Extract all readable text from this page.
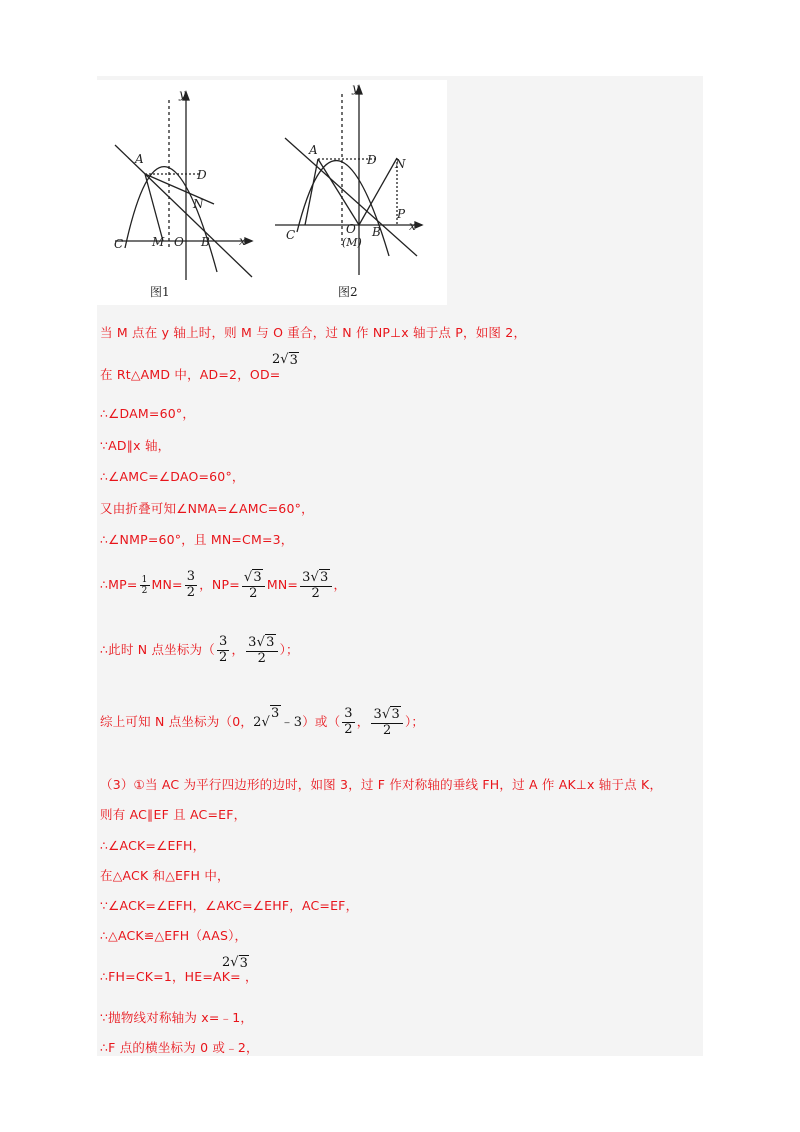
y
x
A
D
N
C M O B
图1
y
x
A
D N
P
C	O
(M)
B
图2
当 M 点在 y 轴上时，则 M 与 O 重合，过 N 作 NP⊥x 轴于点 P，如图 2，
在 Rt△AMD 中，AD=2，OD=
2 √ 3
∴∠DAM=60°，
∵AD∥x 轴，
∴∠AMC=∠DAO=60°，
又由折叠可知∠NMA=∠AMC=60°，
∴∠NMP=60°，且 MN=CM=3，
∴MP= $\frac{1}{2} MN= \frac{3}{2}$ ，$NP= \frac{√3}{2} MN= \frac{3√3}{2}$ ，
∴此时 N 点坐标为（ $\frac{3}{2}$ ， $\frac{3√3}{2}$ ）；
综上可知 N 点坐标为（0，2 √
3
﹣3）或（ $\frac{3}{2}$ ， $\frac{3√3}{2}$ ）；
（3）①当 AC 为平行四边形的边时，如图 3，过 F 作对称轴的垂线 FH，过 A 作 AK⊥x 轴于点 K，
则有 AC∥EF 且 AC=EF，
∴∠ACK=∠EFH，
在△ACK 和△EFH 中，
∵∠ACK=∠EFH，∠AKC=∠EHF，AC=EF，
∴△ACK≌△EFH（AAS），
∴FH=CK=1，HE=AK=
2 √ 3
，
∵抛物线对称轴为 x=﹣1，
∴F 点的横坐标为 0 或﹣2，
